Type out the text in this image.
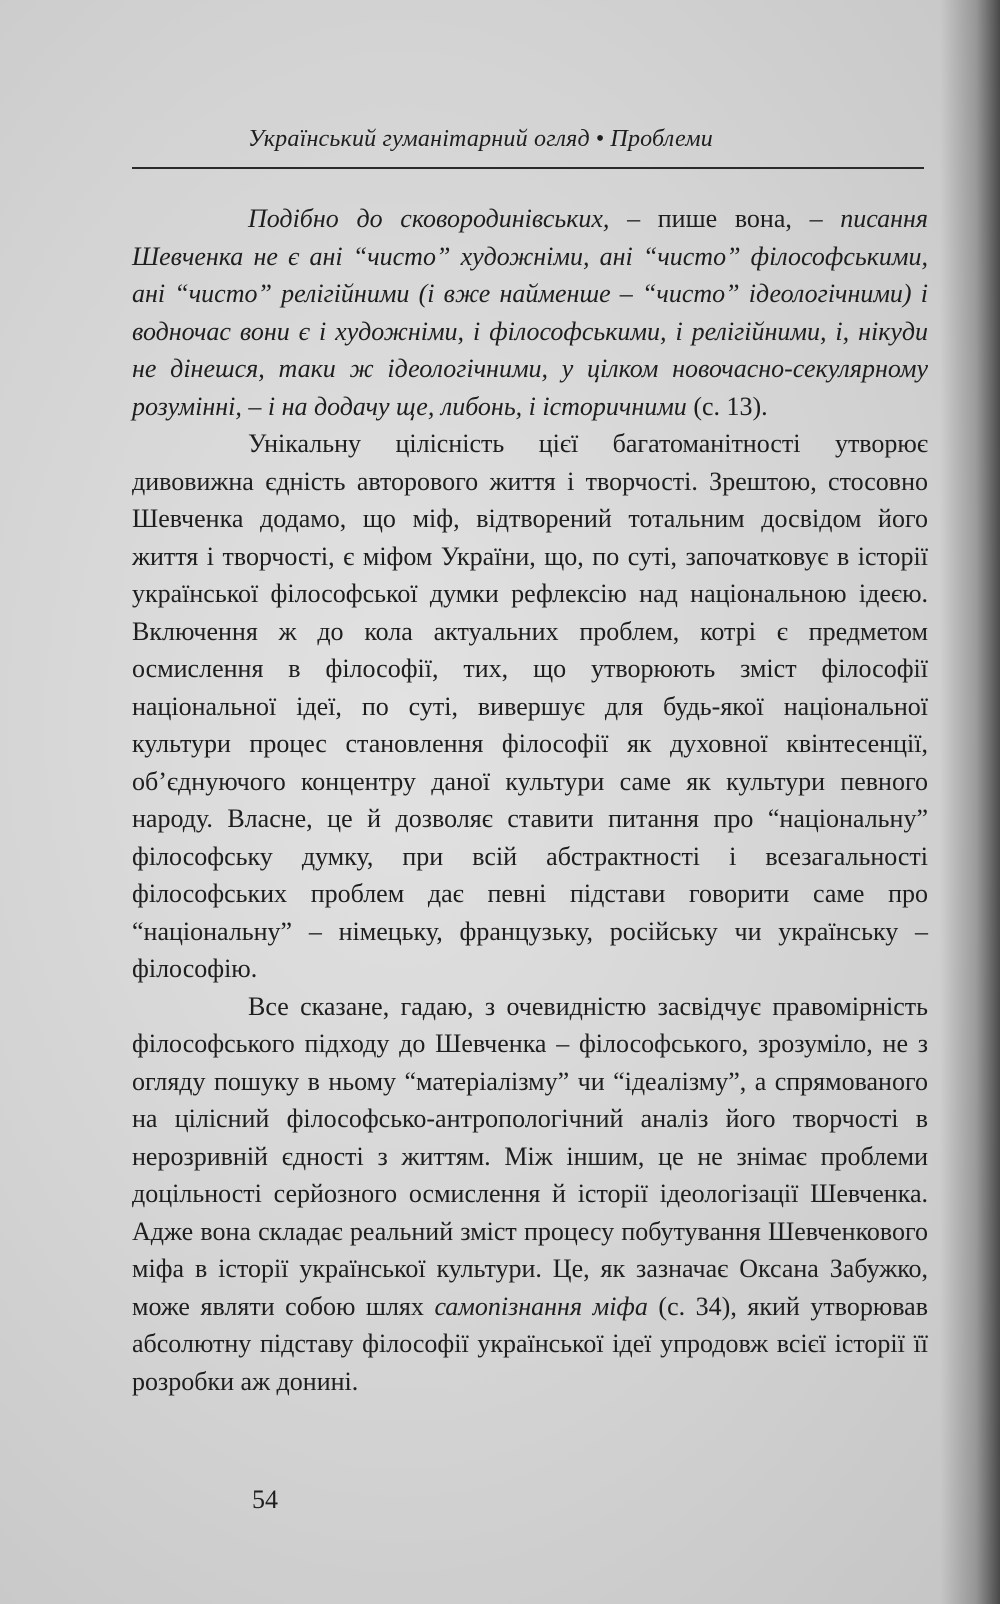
Український гуманітарний огляд • Проблеми

Подібно до сковородинівських, – пише вона, – писання Шевченка не є ані “чисто” художніми, ані “чисто” філософськими, ані “чисто” релігійними (і вже найменше – “чисто” ідеологічними) і водночас вони є і художніми, і філософськими, і релігійними, і, нікуди не дінешся, таки ж ідеологічними, у цілком новочасно-секулярному розумінні, – і на додачу ще, либонь, і історичними (с. 13).

Унікальну цілісність цієї багатоманітності утворює дивовижна єдність авторового життя і творчості. Зрештою, стосовно Шевченка додамо, що міф, відтворений тотальним досвідом його життя і творчості, є міфом України, що, по суті, започатковує в історії української філософської думки рефлексію над національною ідеєю. Включення ж до кола актуальних проблем, котрі є предметом осмислення в філософії, тих, що утворюють зміст філософії національної ідеї, по суті, вивершує для будь-якої національної культури процес становлення філософії як духовної квінтесенції, об’єднуючого концентру даної культури саме як культури певного народу. Власне, це й дозволяє ставити питання про “національну” філософську думку, при всій абстрактності і всезагальності філософських проблем дає певні підстави говорити саме про “національну” – німецьку, французьку, російську чи українську – філософію.

Все сказане, гадаю, з очевидністю засвідчує правомірність філософського підходу до Шевченка – філософського, зрозуміло, не з огляду пошуку в ньому “матеріалізму” чи “ідеалізму”, а спрямованого на цілісний філософсько-антропологічний аналіз його творчості в нерозривній єдності з життям. Між іншим, це не знімає проблеми доцільності серйозного осмислення й історії ідеологізації Шевченка. Адже вона складає реальний зміст процесу побутування Шевченкового міфа в історії української культури. Це, як зазначає Оксана Забужко, може являти собою шлях самопізнання міфа (с. 34), який утворював абсолютну підставу філософії української ідеї упродовж всієї історії її розробки аж донині.

54
